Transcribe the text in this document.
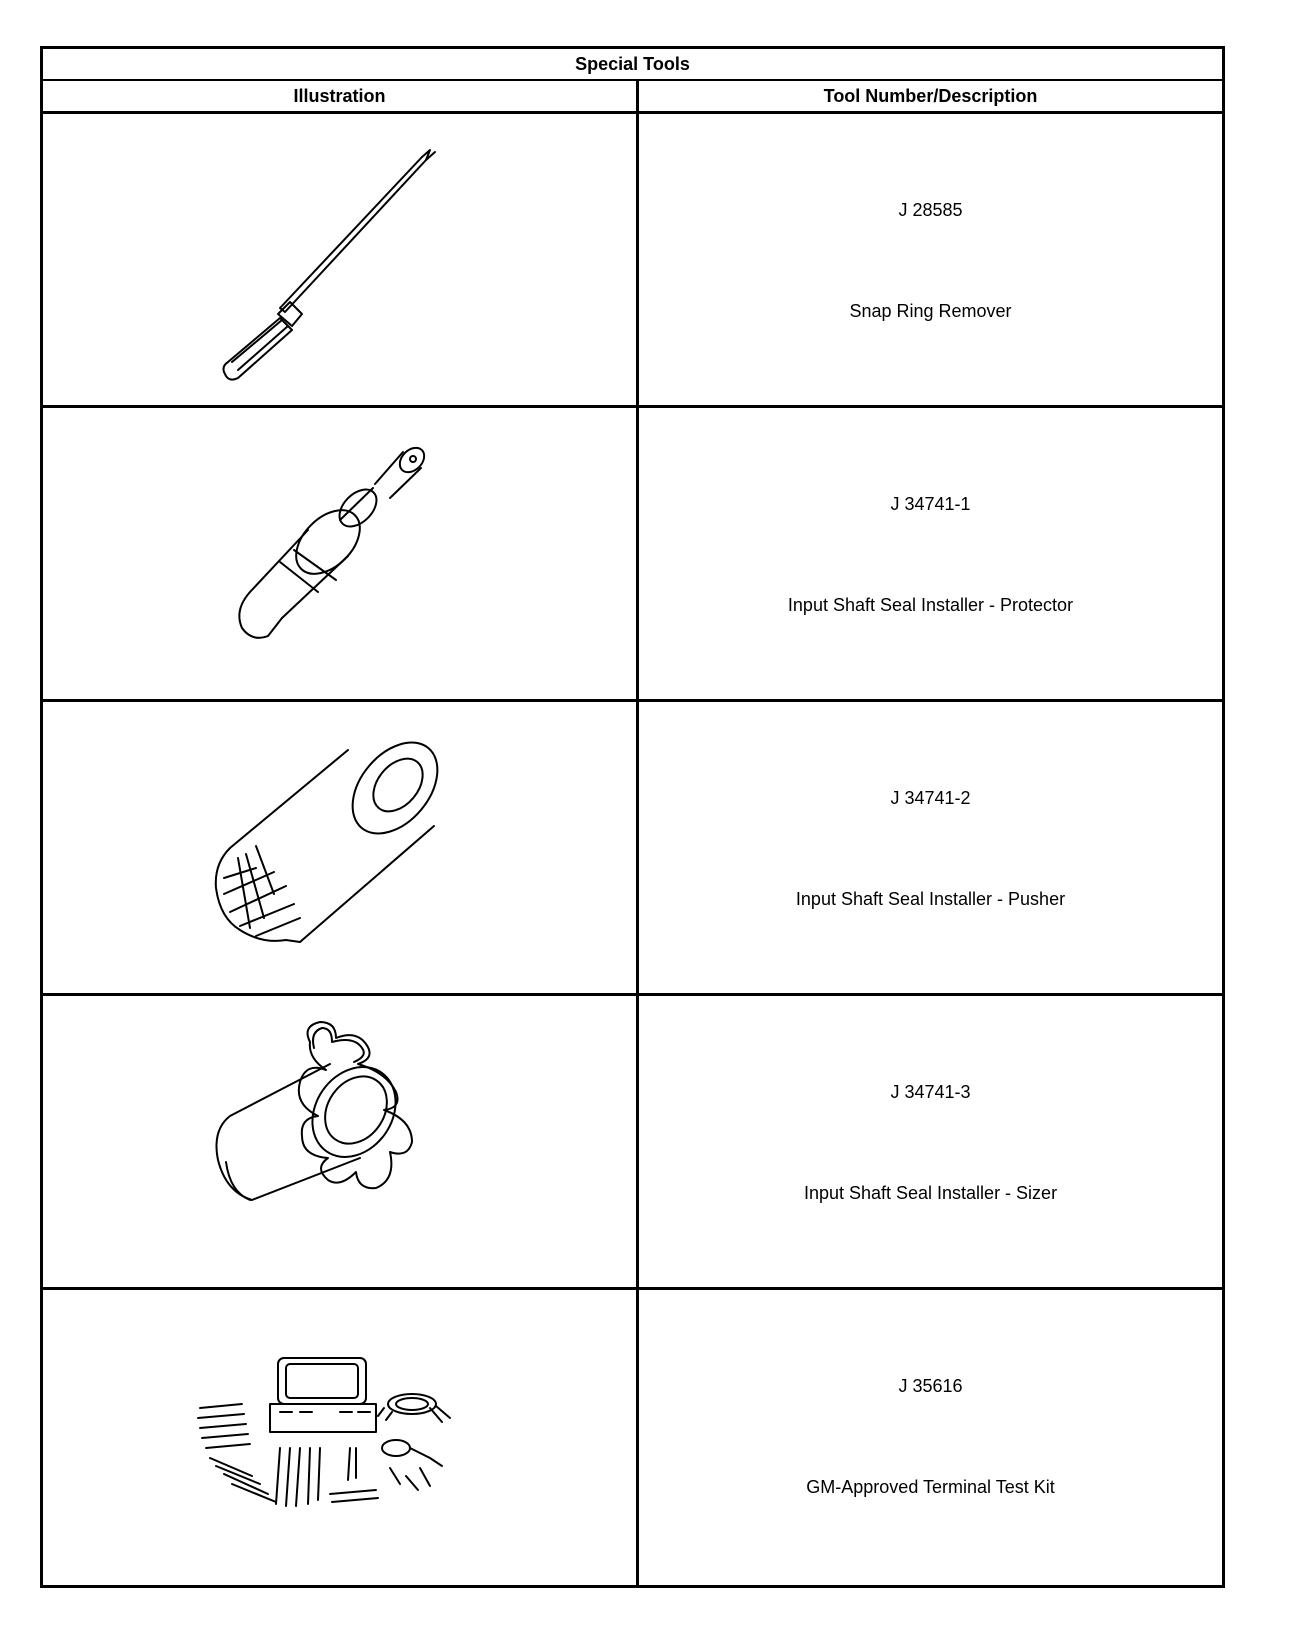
Special Tools
Illustration	Tool Number/Description
J 28585
Snap Ring Remover
J 34741-1
Input Shaft Seal Installer - Protector
J 34741-2
Input Shaft Seal Installer - Pusher
J 34741-3
Input Shaft Seal Installer - Sizer
J 35616
GM-Approved Terminal Test Kit
